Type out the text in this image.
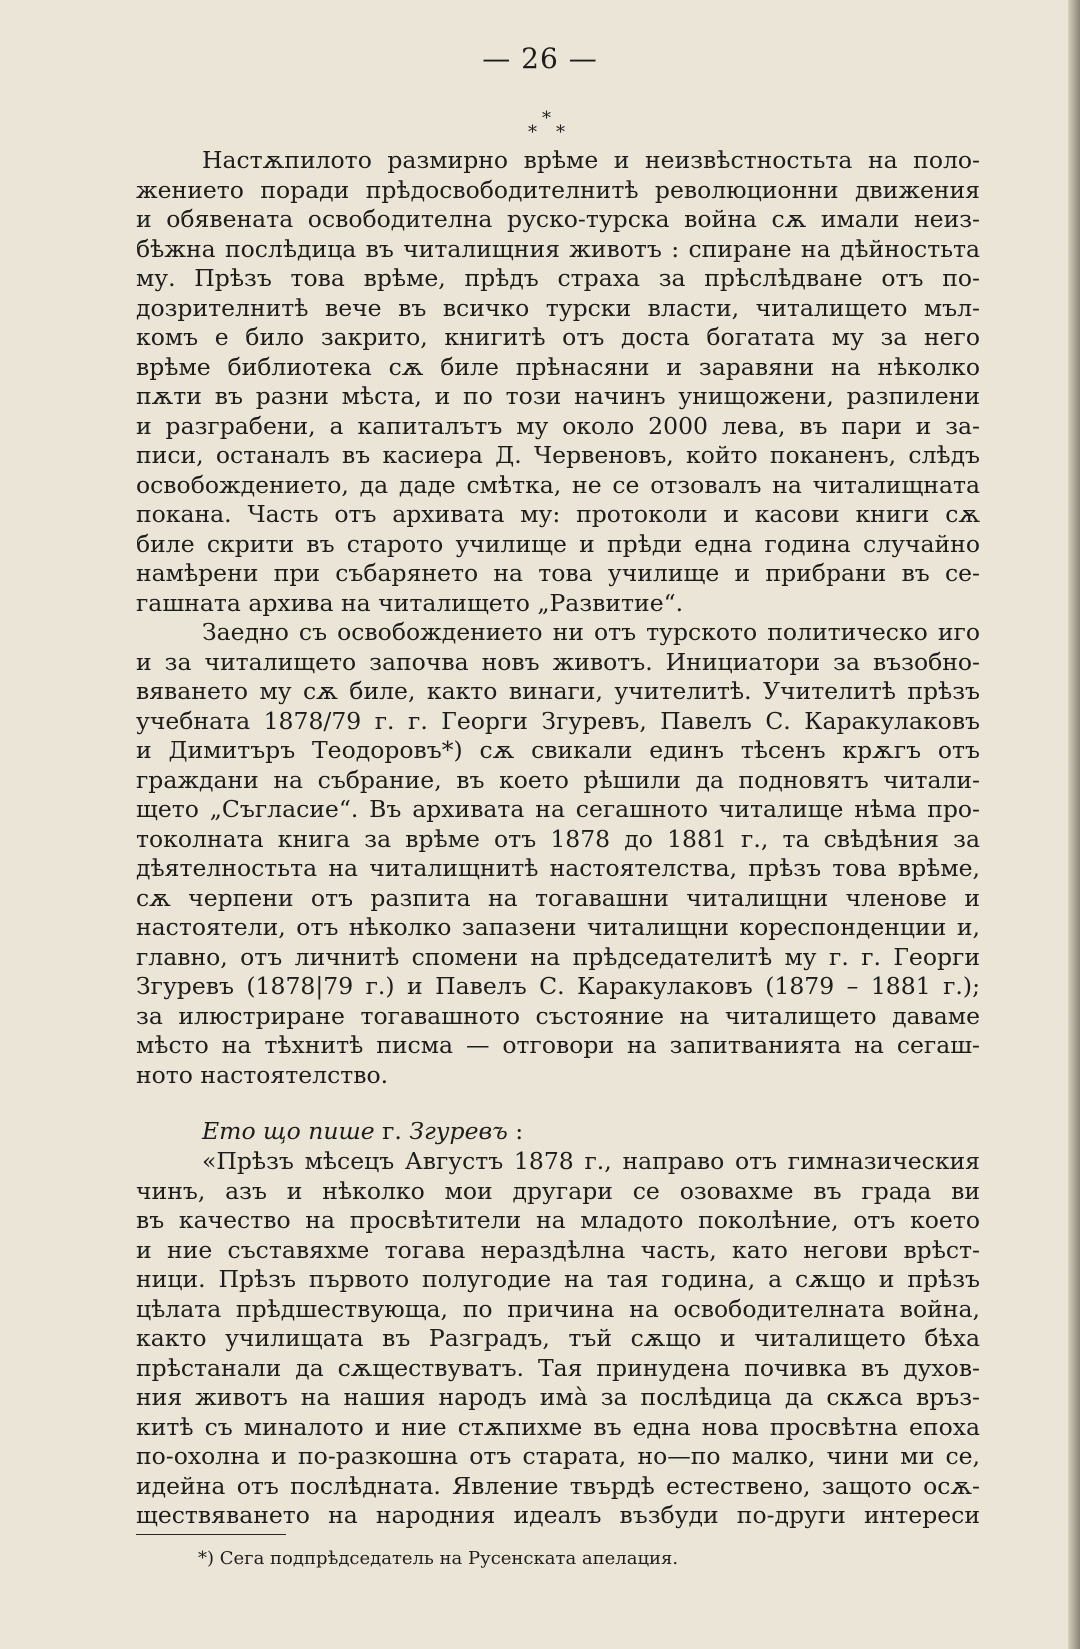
— 26 —
*
* *
Настѫпилото размирно врѣме и неизвѣстностьта на поло-
жението поради прѣдосвободителнитѣ революционни движения
и обявената освободителна руско-турска война сѫ имали неиз-
бѣжна послѣдица въ читалищния животъ : спиране на дѣйностьта
му. Прѣзъ това врѣме, прѣдъ страха за прѣслѣдване отъ по-
дозрителнитѣ вече въ всичко турски власти, читалището мъл-
комъ е било закрито, книгитѣ отъ доста богатата му за него
врѣме библиотека сѫ биле прѣнасяни и заравяни на нѣколко
пѫти въ разни мѣста, и по този начинъ унищожени, разпилени
и разграбени, а капиталътъ му около 2000 лева, въ пари и за-
писи, останалъ въ касиера Д. Червеновъ, който поканенъ, слѣдъ
освобождението, да даде смѣтка, не се отзовалъ на читалищната
покана. Часть отъ архивата му: протоколи и касови книги сѫ
биле скрити въ старото училище и прѣди една година случайно
намѣрени при събарянето на това училище и прибрани въ се-
гашната архива на читалището „Развитие“.
Заедно съ освобождението ни отъ турското политическо иго
и за читалището започва новъ животъ. Инициатори за възобно-
вяването му сѫ биле, както винаги, учителитѣ. Учителитѣ прѣзъ
учебната 1878/79 г. г. Георги Згуревъ, Павелъ С. Каракулаковъ
и Димитъръ Теодоровъ*) сѫ свикали единъ тѣсенъ крѫгъ отъ
граждани на събрание, въ което рѣшили да подновятъ читали-
щето „Съгласие“. Въ архивата на сегашното читалище нѣма про-
токолната книга за врѣме отъ 1878 до 1881 г., та свѣдѣния за
дѣятелностьта на читалищнитѣ настоятелства, прѣзъ това врѣме,
сѫ черпени отъ разпита на тогавашни читалищни членове и
настоятели, отъ нѣколко запазени читалищни кореспонденции и,
главно, отъ личнитѣ спомени на прѣдседателитѣ му г. г. Георги
Згуревъ (1878|79 г.) и Павелъ С. Каракулаковъ (1879 – 1881 г.);
за илюстриране тогавашното състояние на читалището даваме
мѣсто на тѣхнитѣ писма — отговори на запитванията на сегаш-
ното настоятелство.
Ето що пише г. Згуревъ :
«Прѣзъ мѣсецъ Августъ 1878 г., направо отъ гимназическия
чинъ, азъ и нѣколко мои другари се озовахме въ града ви
въ качество на просвѣтители на младото поколѣние, отъ което
и ние съставяхме тогава нераздѣлна часть, като негови врѣст-
ници. Прѣзъ първото полугодие на тая година, а сѫщо и прѣзъ
цѣлата прѣдшествующа, по причина на освободителната война,
както училищата въ Разградъ, тъй сѫщо и читалището бѣха
прѣстанали да сѫществуватъ. Тая принудена почивка въ духов-
ния животъ на нашия народъ имà за послѣдица да скѫса връз-
китѣ съ миналото и ние стѫпихме въ една нова просвѣтна епоха
по-охолна и по-разкошна отъ старата, но—по малко, чини ми се,
идейна отъ послѣдната. Явление твърдѣ естествено, защото осѫ-
ществяването на народния идеалъ възбуди по-други интереси
*) Сега подпрѣдседатель на Русенската апелация.
